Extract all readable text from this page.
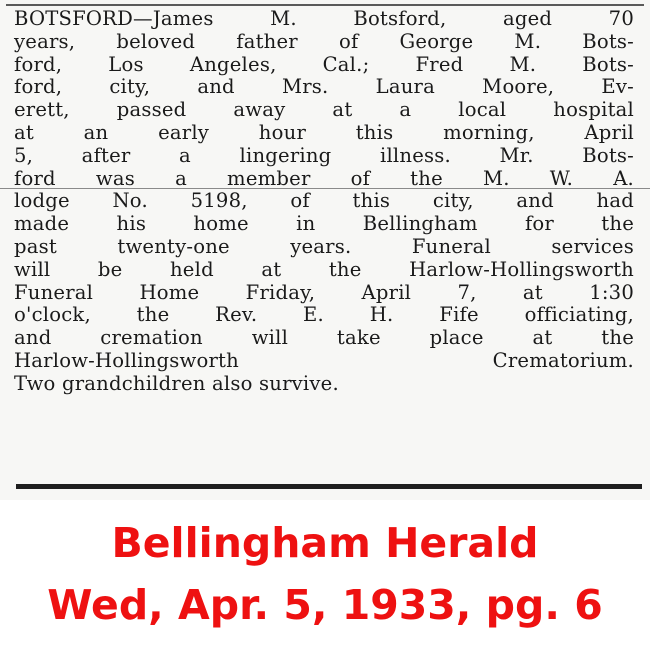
BOTSFORD—James M. Botsford, aged 70
years, beloved father of George M. Bots-
ford, Los Angeles, Cal.; Fred M. Bots-
ford, city, and Mrs. Laura Moore, Ev-
erett, passed away at a local hospital
at an early hour this morning, April
5, after a lingering illness. Mr. Bots-
ford was a member of the M. W. A.
lodge No. 5198, of this city, and had
made his home in Bellingham for the
past twenty-one years. Funeral services
will be held at the Harlow-Hollingsworth
Funeral Home Friday, April 7, at 1:30
o'clock, the Rev. E. H. Fife officiating,
and cremation will take place at the
Harlow-Hollingsworth Crematorium.
Two grandchildren also survive.
Bellingham Herald
Wed, Apr. 5, 1933, pg. 6
